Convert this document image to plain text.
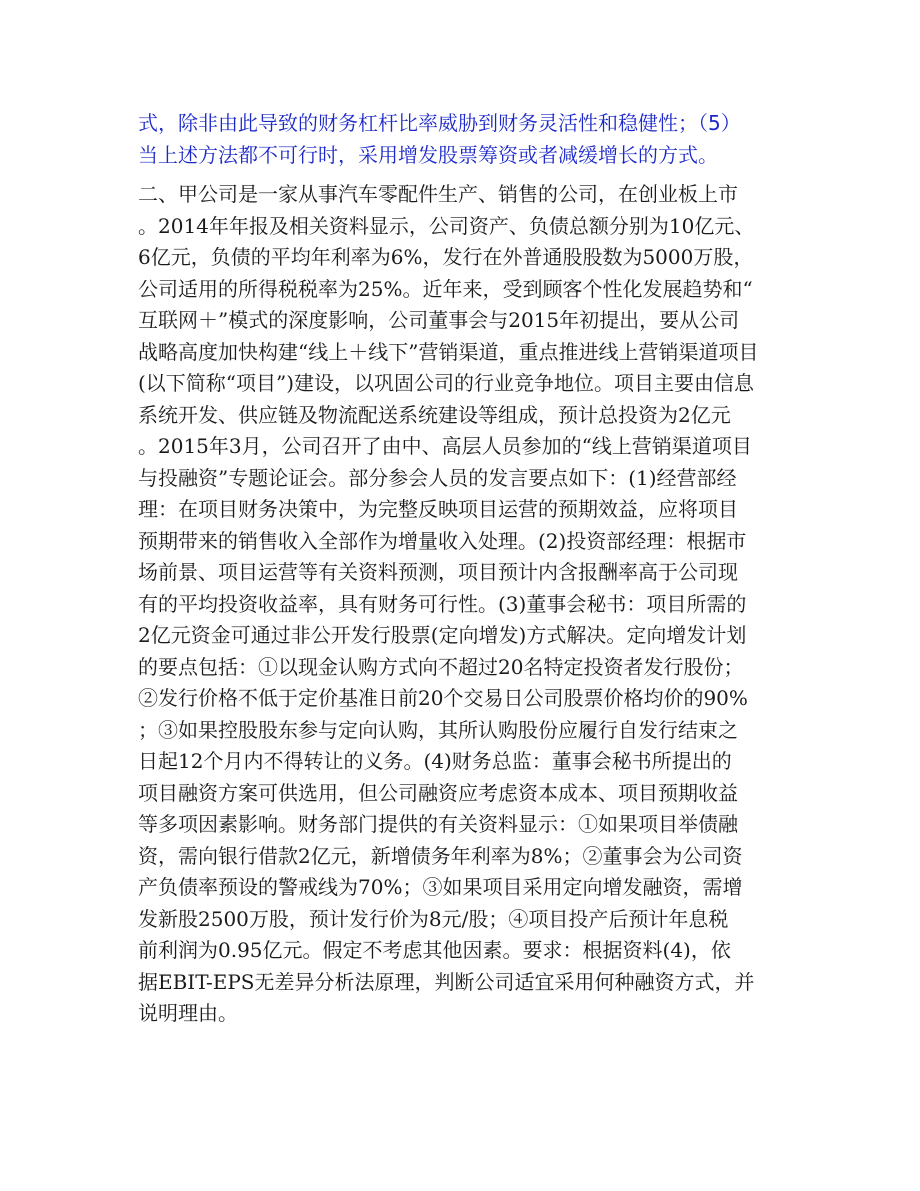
式，除非由此导致的财务杠杆比率威胁到财务灵活性和稳健性；（5）
当上述方法都不可行时，采用增发股票筹资或者减缓增长的方式。
二、甲公司是一家从事汽车零配件生产、销售的公司，在创业板上市
。2014年年报及相关资料显示，公司资产、负债总额分别为10亿元、
6亿元，负债的平均年利率为6%，发行在外普通股股数为5000万股，
公司适用的所得税税率为25%。近年来，受到顾客个性化发展趋势和“
互联网＋”模式的深度影响，公司董事会与2015年初提出，要从公司
战略高度加快构建“线上＋线下”营销渠道，重点推进线上营销渠道项目
(以下简称“项目”)建设，以巩固公司的行业竞争地位。项目主要由信息
系统开发、供应链及物流配送系统建设等组成，预计总投资为2亿元
。2015年3月，公司召开了由中、高层人员参加的“线上营销渠道项目
与投融资”专题论证会。部分参会人员的发言要点如下：(1)经营部经
理：在项目财务决策中，为完整反映项目运营的预期效益，应将项目
预期带来的销售收入全部作为增量收入处理。(2)投资部经理：根据市
场前景、项目运营等有关资料预测，项目预计内含报酬率高于公司现
有的平均投资收益率，具有财务可行性。(3)董事会秘书：项目所需的
2亿元资金可通过非公开发行股票(定向增发)方式解决。定向增发计划
的要点包括：①以现金认购方式向不超过20名特定投资者发行股份；
②发行价格不低于定价基准日前20个交易日公司股票价格均价的90%
；③如果控股股东参与定向认购，其所认购股份应履行自发行结束之
日起12个月内不得转让的义务。(4)财务总监：董事会秘书所提出的
项目融资方案可供选用，但公司融资应考虑资本成本、项目预期收益
等多项因素影响。财务部门提供的有关资料显示：①如果项目举债融
资，需向银行借款2亿元，新增债务年利率为8%；②董事会为公司资
产负债率预设的警戒线为70%；③如果项目采用定向增发融资，需增
发新股2500万股，预计发行价为8元/股；④项目投产后预计年息税
前利润为0.95亿元。假定不考虑其他因素。要求：根据资料(4)，依
据EBIT-EPS无差异分析法原理，判断公司适宜采用何种融资方式，并
说明理由。
